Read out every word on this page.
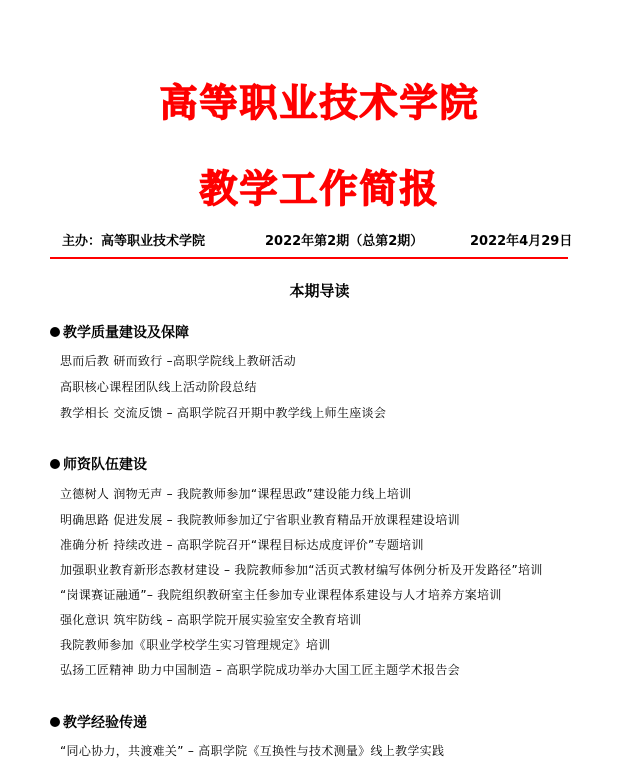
高等职业技术学院
教学工作简报
主办：高等职业技术学院	2022年第2期（总第2期）	2022年4月29日
本期导读
教学质量建设及保障
思而后教 研而致行 –高职学院线上教研活动
高职核心课程团队线上活动阶段总结
教学相长 交流反馈 – 高职学院召开期中教学线上师生座谈会
师资队伍建设
立德树人 润物无声 – 我院教师参加“课程思政”建设能力线上培训
明确思路 促进发展 – 我院教师参加辽宁省职业教育精品开放课程建设培训
准确分析 持续改进 – 高职学院召开“课程目标达成度评价”专题培训
加强职业教育新形态教材建设 – 我院教师参加“活页式教材编写体例分析及开发路径”培训
“岗课赛证融通”– 我院组织教研室主任参加专业课程体系建设与人才培养方案培训
强化意识 筑牢防线 – 高职学院开展实验室安全教育培训
我院教师参加《职业学校学生实习管理规定》培训
弘扬工匠精神 助力中国制造 – 高职学院成功举办大国工匠主题学术报告会
教学经验传递
“同心协力，共渡难关” – 高职学院《互换性与技术测量》线上教学实践
